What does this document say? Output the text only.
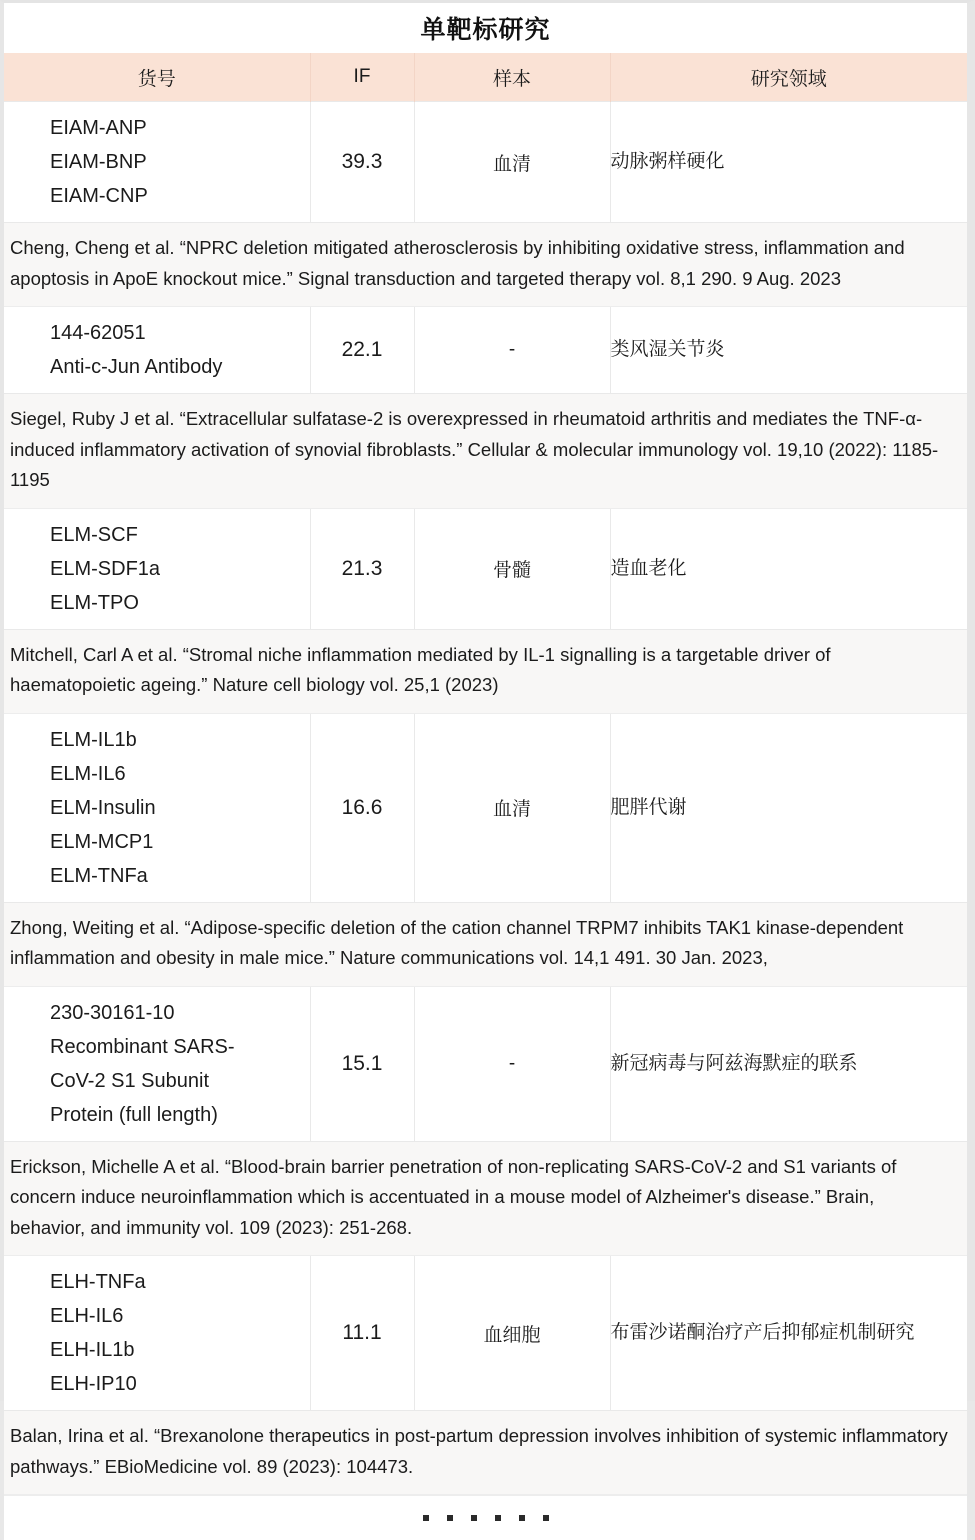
单靶标研究
货号	IF	样本	研究领域

EIAM-ANP
EIAM-BNP
EIAM-CNP	39.3	血清	动脉粥样硬化
Cheng, Cheng et al. “NPRC deletion mitigated atherosclerosis by inhibiting oxidative stress, inflammation and apoptosis in ApoE knockout mice.” Signal transduction and targeted therapy vol. 8,1 290. 9 Aug. 2023			

144-62051
Anti-c-Jun Antibody	22.1	-	类风湿关节炎
Siegel, Ruby J et al. “Extracellular sulfatase-2 is overexpressed in rheumatoid arthritis and mediates the TNF-α-induced inflammatory activation of synovial fibroblasts.” Cellular & molecular immunology vol. 19,10 (2022): 1185-1195			

ELM-SCF
ELM-SDF1a
ELM-TPO	21.3	骨髓	造血老化
Mitchell, Carl A et al. “Stromal niche inflammation mediated by IL-1 signalling is a targetable driver of haematopoietic ageing.” Nature cell biology vol. 25,1 (2023)			

ELM-IL1b
ELM-IL6
ELM-Insulin
ELM-MCP1
ELM-TNFa	16.6	血清	肥胖代谢
Zhong, Weiting et al. “Adipose-specific deletion of the cation channel TRPM7 inhibits TAK1 kinase-dependent inflammation and obesity in male mice.” Nature communications vol. 14,1 491. 30 Jan. 2023,			

230-30161-10
Recombinant SARS-
CoV-2 S1 Subunit
Protein (full length)	15.1	-	新冠病毒与阿兹海默症的联系
Erickson, Michelle A et al. “Blood-brain barrier penetration of non-replicating SARS-CoV-2 and S1 variants of concern induce neuroinflammation which is accentuated in a mouse model of Alzheimer's disease.” Brain, behavior, and immunity vol. 109 (2023): 251-268.			

ELH-TNFa
ELH-IL6
ELH-IL1b
ELH-IP10	11.1	血细胞	布雷沙诺酮治疗产后抑郁症机制研究
Balan, Irina et al. “Brexanolone therapeutics in post-partum depression involves inhibition of systemic inflammatory pathways.” EBioMedicine vol. 89 (2023): 104473.			
